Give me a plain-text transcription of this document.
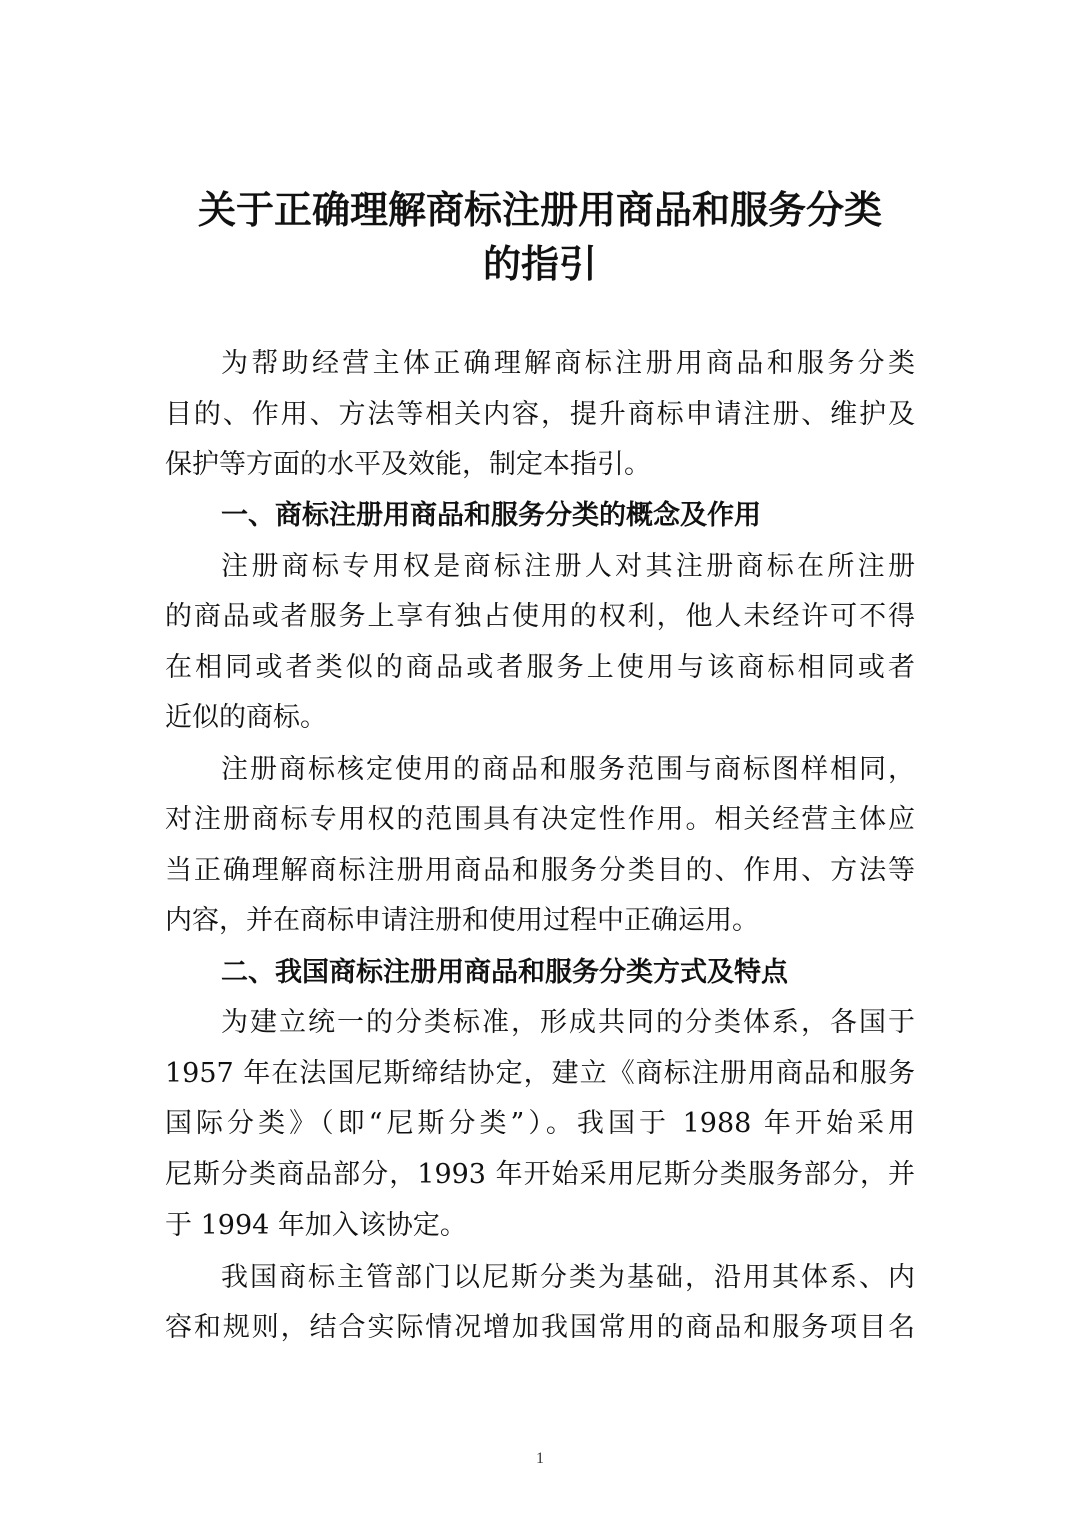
关于正确理解商标注册用商品和服务分类
的指引

为帮助经营主体正确理解商标注册用商品和服务分类

目的、作用、方法等相关内容，提升商标申请注册、维护及

保护等方面的水平及效能，制定本指引。

一、商标注册用商品和服务分类的概念及作用

注册商标专用权是商标注册人对其注册商标在所注册

的商品或者服务上享有独占使用的权利，他人未经许可不得

在相同或者类似的商品或者服务上使用与该商标相同或者

近似的商标。

注册商标核定使用的商品和服务范围与商标图样相同，

对注册商标专用权的范围具有决定性作用。相关经营主体应

当正确理解商标注册用商品和服务分类目的、作用、方法等

内容，并在商标申请注册和使用过程中正确运用。

二、我国商标注册用商品和服务分类方式及特点

为建立统一的分类标准，形成共同的分类体系，各国于

1957 年在法国尼斯缔结协定，建立《商标注册用商品和服务

国际分类》（即“尼斯分类”）。我国于 1988 年开始采用

尼斯分类商品部分，1993 年开始采用尼斯分类服务部分，并

于 1994 年加入该协定。

我国商标主管部门以尼斯分类为基础，沿用其体系、内

容和规则，结合实际情况增加我国常用的商品和服务项目名

1
